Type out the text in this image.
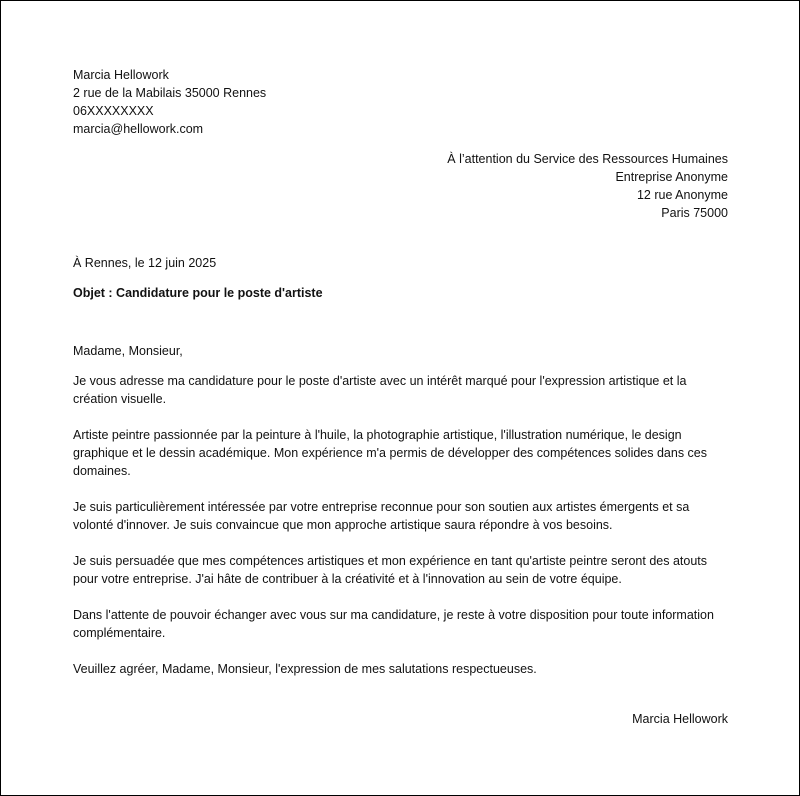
Marcia Hellowork
2 rue de la Mabilais 35000 Rennes
06XXXXXXXX
marcia@hellowork.com
À l’attention du Service des Ressources Humaines
Entreprise Anonyme
12 rue Anonyme
Paris 75000
À Rennes, le 12 juin 2025
Objet : Candidature pour le poste d'artiste
Madame, Monsieur,

Je vous adresse ma candidature pour le poste d'artiste avec un intérêt marqué pour l'expression artistique et la création visuelle.

Artiste peintre passionnée par la peinture à l'huile, la photographie artistique, l'illustration numérique, le design graphique et le dessin académique. Mon expérience m'a permis de développer des compétences solides dans ces domaines.

Je suis particulièrement intéressée par votre entreprise reconnue pour son soutien aux artistes émergents et sa volonté d'innover. Je suis convaincue que mon approche artistique saura répondre à vos besoins.

Je suis persuadée que mes compétences artistiques et mon expérience en tant qu'artiste peintre seront des atouts pour votre entreprise. J'ai hâte de contribuer à la créativité et à l'innovation au sein de votre équipe.

Dans l'attente de pouvoir échanger avec vous sur ma candidature, je reste à votre disposition pour toute information complémentaire.

Veuillez agréer, Madame, Monsieur, l'expression de mes salutations respectueuses.
Marcia Hellowork
